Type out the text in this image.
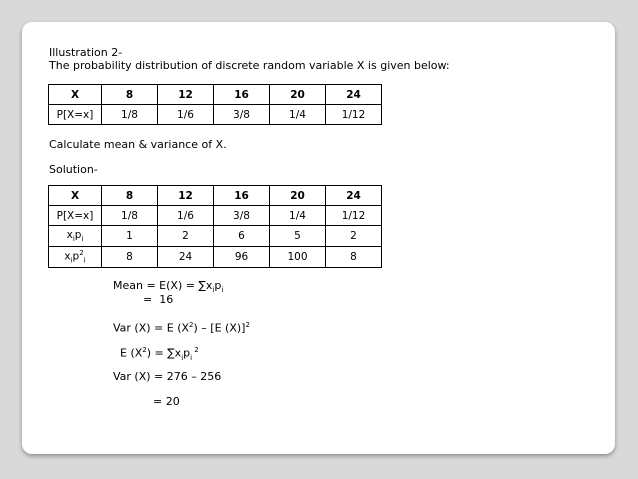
Illustration 2-
The probability distribution of discrete random variable X is given below:
X	8	12	16	20	24
P[X=x]	1/8	1/6	3/8	1/4	1/12
Calculate mean & variance of X.
Solution-
X	8	12	16	20	24
P[X=x]	1/8	1/6	3/8	1/4	1/12
$x_ip_i$	1	2	6	5	2
$x_ip^2_i$	8	24	96	100	8
Mean = $E(X) = \sum x_ip_i$
=  16
Var (X) = E $(X^2) - [E$ (X)]$^2$
E $(X^2) = \sum x_ip_i$ $^2$
Var (X) = 276 – 256
= 20
